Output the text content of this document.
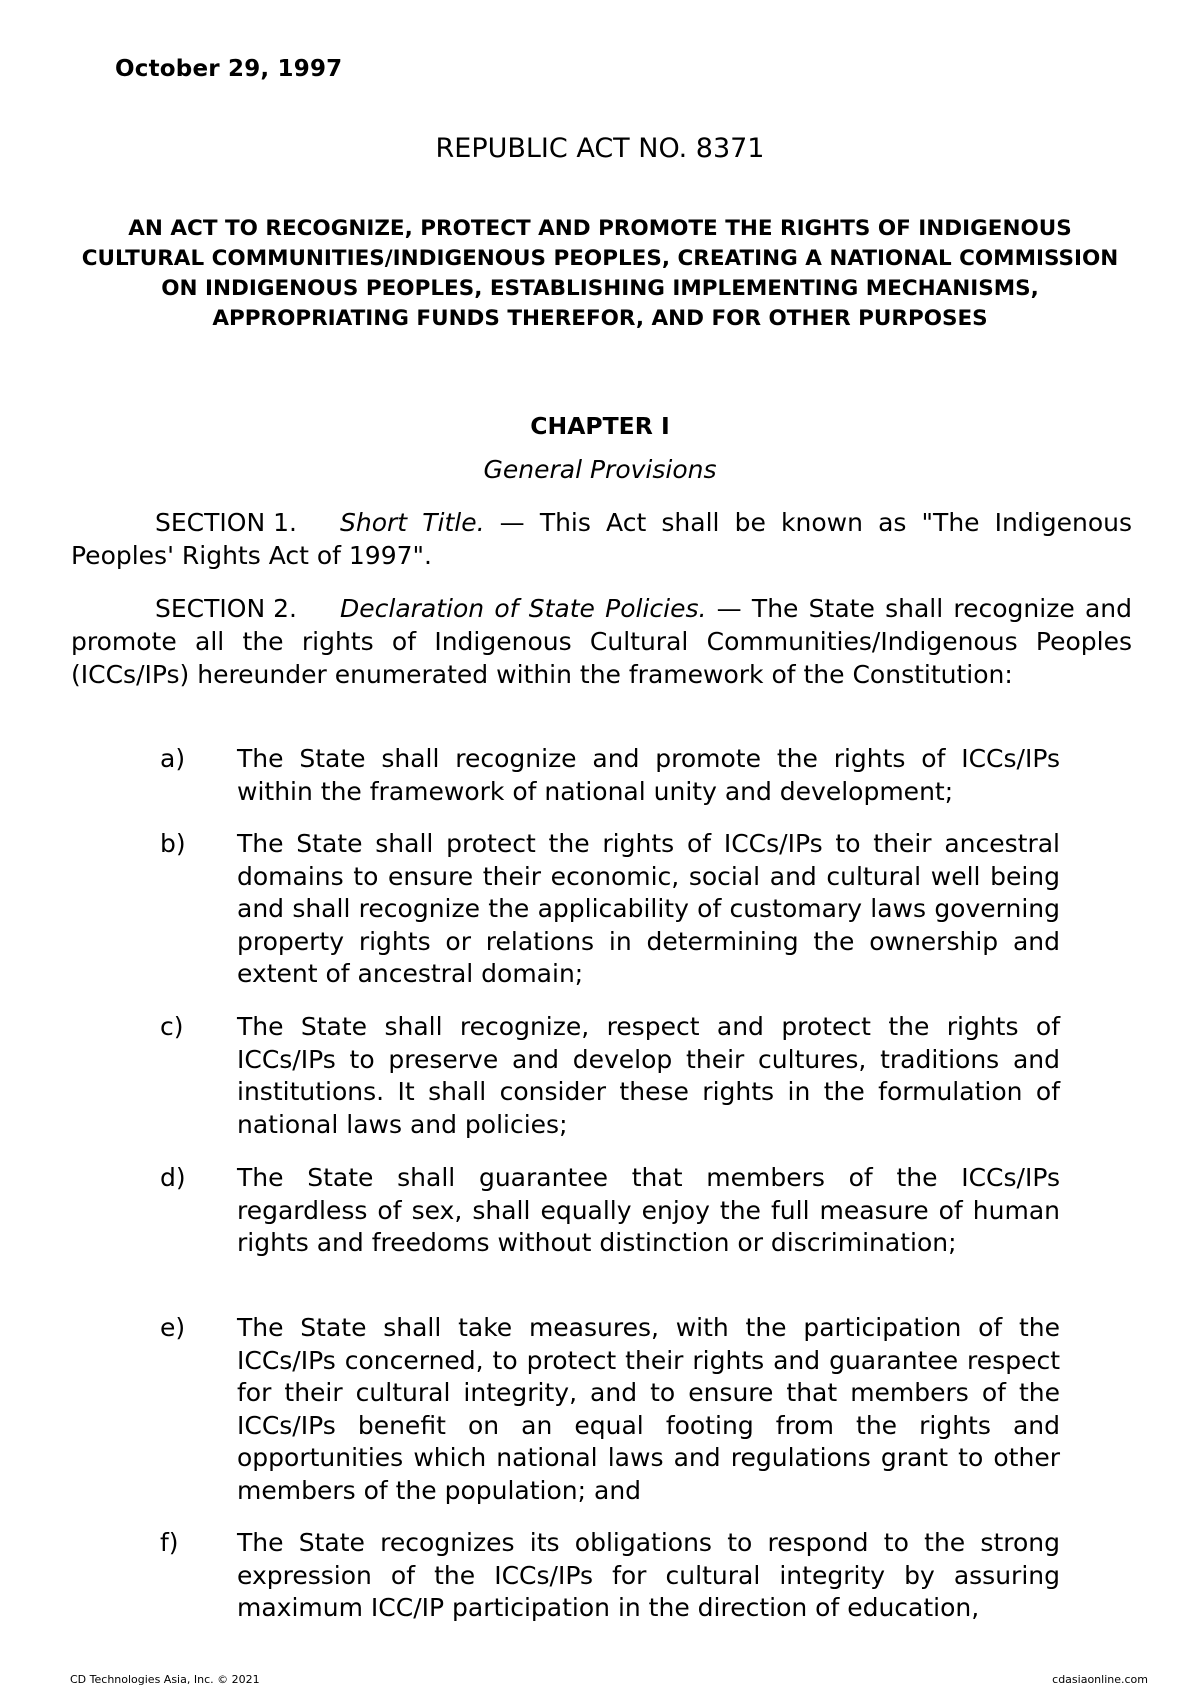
October 29, 1997
REPUBLIC ACT NO. 8371
AN ACT TO RECOGNIZE, PROTECT AND PROMOTE THE RIGHTS OF INDIGENOUS CULTURAL COMMUNITIES/INDIGENOUS PEOPLES, CREATING A NATIONAL COMMISSION ON INDIGENOUS PEOPLES, ESTABLISHING IMPLEMENTING MECHANISMS, APPROPRIATING FUNDS THEREFOR, AND FOR OTHER PURPOSES
CHAPTER I
General Provisions
SECTION 1. Short Title. — This Act shall be known as "The Indigenous Peoples' Rights Act of 1997".
SECTION 2. Declaration of State Policies. — The State shall recognize and promote all the rights of Indigenous Cultural Communities/Indigenous Peoples (ICCs/IPs) hereunder enumerated within the framework of the Constitution:
a) The State shall recognize and promote the rights of ICCs/IPs within the framework of national unity and development;
b) The State shall protect the rights of ICCs/IPs to their ancestral domains to ensure their economic, social and cultural well being and shall recognize the applicability of customary laws governing property rights or relations in determining the ownership and extent of ancestral domain;
c) The State shall recognize, respect and protect the rights of ICCs/IPs to preserve and develop their cultures, traditions and institutions. It shall consider these rights in the formulation of national laws and policies;
d) The State shall guarantee that members of the ICCs/IPs regardless of sex, shall equally enjoy the full measure of human rights and freedoms without distinction or discrimination;
e) The State shall take measures, with the participation of the ICCs/IPs concerned, to protect their rights and guarantee respect for their cultural integrity, and to ensure that members of the ICCs/IPs benefit on an equal footing from the rights and opportunities which national laws and regulations grant to other members of the population; and
f) The State recognizes its obligations to respond to the strong expression of the ICCs/IPs for cultural integrity by assuring maximum ICC/IP participation in the direction of education,
CD Technologies Asia, Inc. © 2021	cdasiaonline.com
